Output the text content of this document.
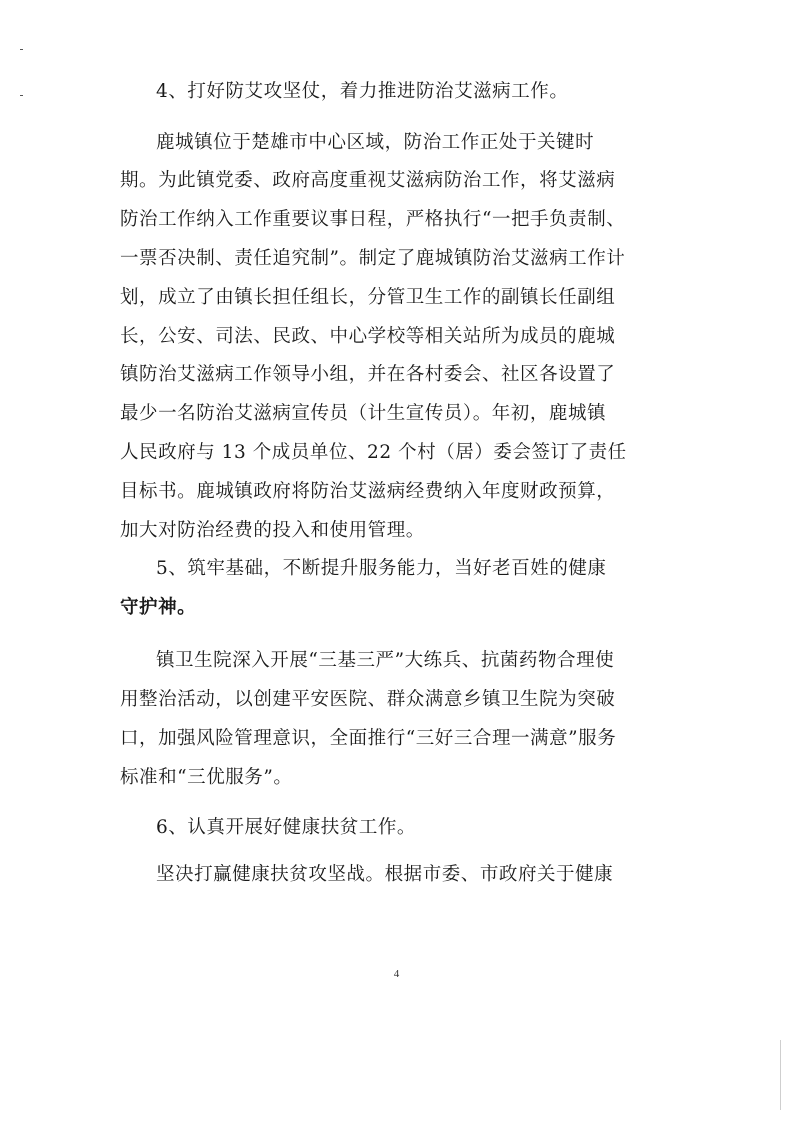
4、打好防艾攻坚仗，着力推进防治艾滋病工作。
鹿城镇位于楚雄市中心区域，防治工作正处于关键时
期。为此镇党委、政府高度重视艾滋病防治工作，将艾滋病
防治工作纳入工作重要议事日程，严格执行“一把手负责制、
一票否决制、责任追究制”。制定了鹿城镇防治艾滋病工作计
划，成立了由镇长担任组长，分管卫生工作的副镇长任副组
长，公安、司法、民政、中心学校等相关站所为成员的鹿城
镇防治艾滋病工作领导小组，并在各村委会、社区各设置了
最少一名防治艾滋病宣传员（计生宣传员）。年初，鹿城镇
人民政府与 13 个成员单位、22 个村（居）委会签订了责任
目标书。鹿城镇政府将防治艾滋病经费纳入年度财政预算，
加大对防治经费的投入和使用管理。
5、筑牢基础，不断提升服务能力，当好老百姓的健康
守护神。
镇卫生院深入开展“三基三严”大练兵、抗菌药物合理使
用整治活动，以创建平安医院、群众满意乡镇卫生院为突破
口，加强风险管理意识，全面推行“三好三合理一满意”服务
标准和“三优服务”。
6、认真开展好健康扶贫工作。
坚决打赢健康扶贫攻坚战。根据市委、市政府关于健康
4
